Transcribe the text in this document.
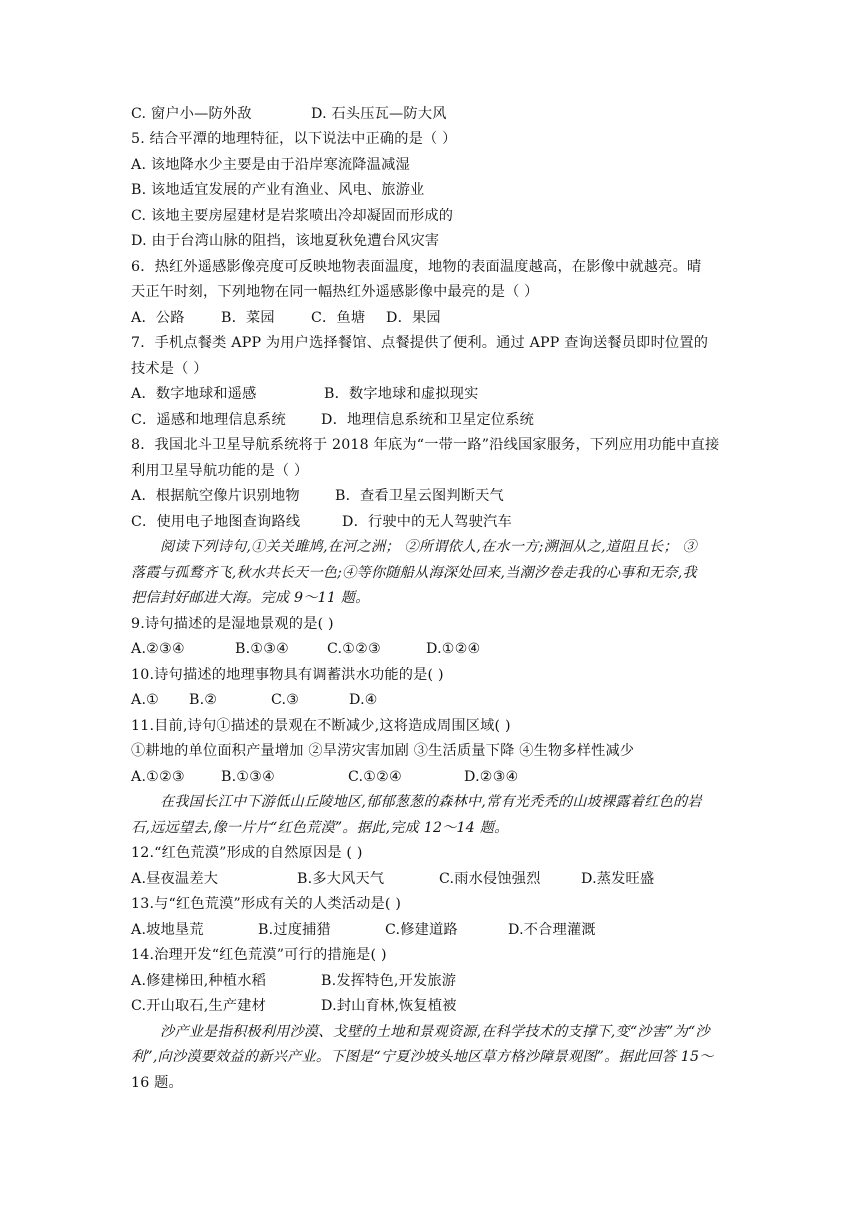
C. 窗户小—防外敌	D. 石头压瓦—防大风
5. 结合平潭的地理特征，以下说法中正确的是（ ）
A. 该地降水少主要是由于沿岸寒流降温减湿
B. 该地适宜发展的产业有渔业、风电、旅游业
C. 该地主要房屋建材是岩浆喷出冷却凝固而形成的
D. 由于台湾山脉的阻挡，该地夏秋免遭台风灾害
6．热红外遥感影像亮度可反映地物表面温度，地物的表面温度越高，在影像中就越亮。晴
天正午时刻，下列地物在同一幅热红外遥感影像中最亮的是（ ）
A．公路	B．菜园	C．鱼塘 D．果园
7．手机点餐类 APP 为用户选择餐馆、点餐提供了便利。通过 APP 查询送餐员即时位置的
技术是（ ）
A．数字地球和遥感	B．数字地球和虚拟现实
C．遥感和地理信息系统 D．地理信息系统和卫星定位系统
8．我国北斗卫星导航系统将于 2018 年底为“一带一路”沿线国家服务，下列应用功能中直接
利用卫星导航功能的是（ ）
A．根据航空像片识别地物 B．查看卫星云图判断天气
C．使用电子地图查询路线	D．行驶中的无人驾驶汽车
阅读下列诗句,①关关雎鸠,在河之洲； ②所谓依人,在水一方;溯洄从之,道阻且长； ③
落霞与孤鹜齐飞,秋水共长天一色;④等你随船从海深处回来,当潮汐卷走我的心事和无奈,我
把信封好邮进大海。完成 9～11 题。
9.诗句描述的是湿地景观的是( )
A.②③④	B.①③④	C.①②③	D.①②④
10.诗句描述的地理事物具有调蓄洪水功能的是( )
A.① B.②	C.③	D.④
11.目前,诗句①描述的景观在不断减少,这将造成周围区域( )
①耕地的单位面积产量增加 ②旱涝灾害加剧 ③生活质量下降 ④生物多样性减少
A.①②③	B.①③④	C.①②④	D.②③④
在我国长江中下游低山丘陵地区,郁郁葱葱的森林中,常有光秃秃的山坡裸露着红色的岩
石,远远望去,像一片片“红色荒漠”。据此,完成 12～14 题。
12.“红色荒漠”形成的自然原因是 ( )
A.昼夜温差大	B.多大风天气	C.雨水侵蚀强烈	D.蒸发旺盛
13.与“红色荒漠”形成有关的人类活动是( )
A.坡地垦荒	B.过度捕猎	C.修建道路	D.不合理灌溉
14.治理开发“红色荒漠”可行的措施是( )
A.修建梯田,种植水稻	B.发挥特色,开发旅游
C.开山取石,生产建材	D.封山育林,恢复植被
沙产业是指积极利用沙漠、戈壁的土地和景观资源,在科学技术的支撑下,变“沙害”为“沙
利”,向沙漠要效益的新兴产业。下图是“宁夏沙坡头地区草方格沙障景观图”。据此回答 15～
16 题。
